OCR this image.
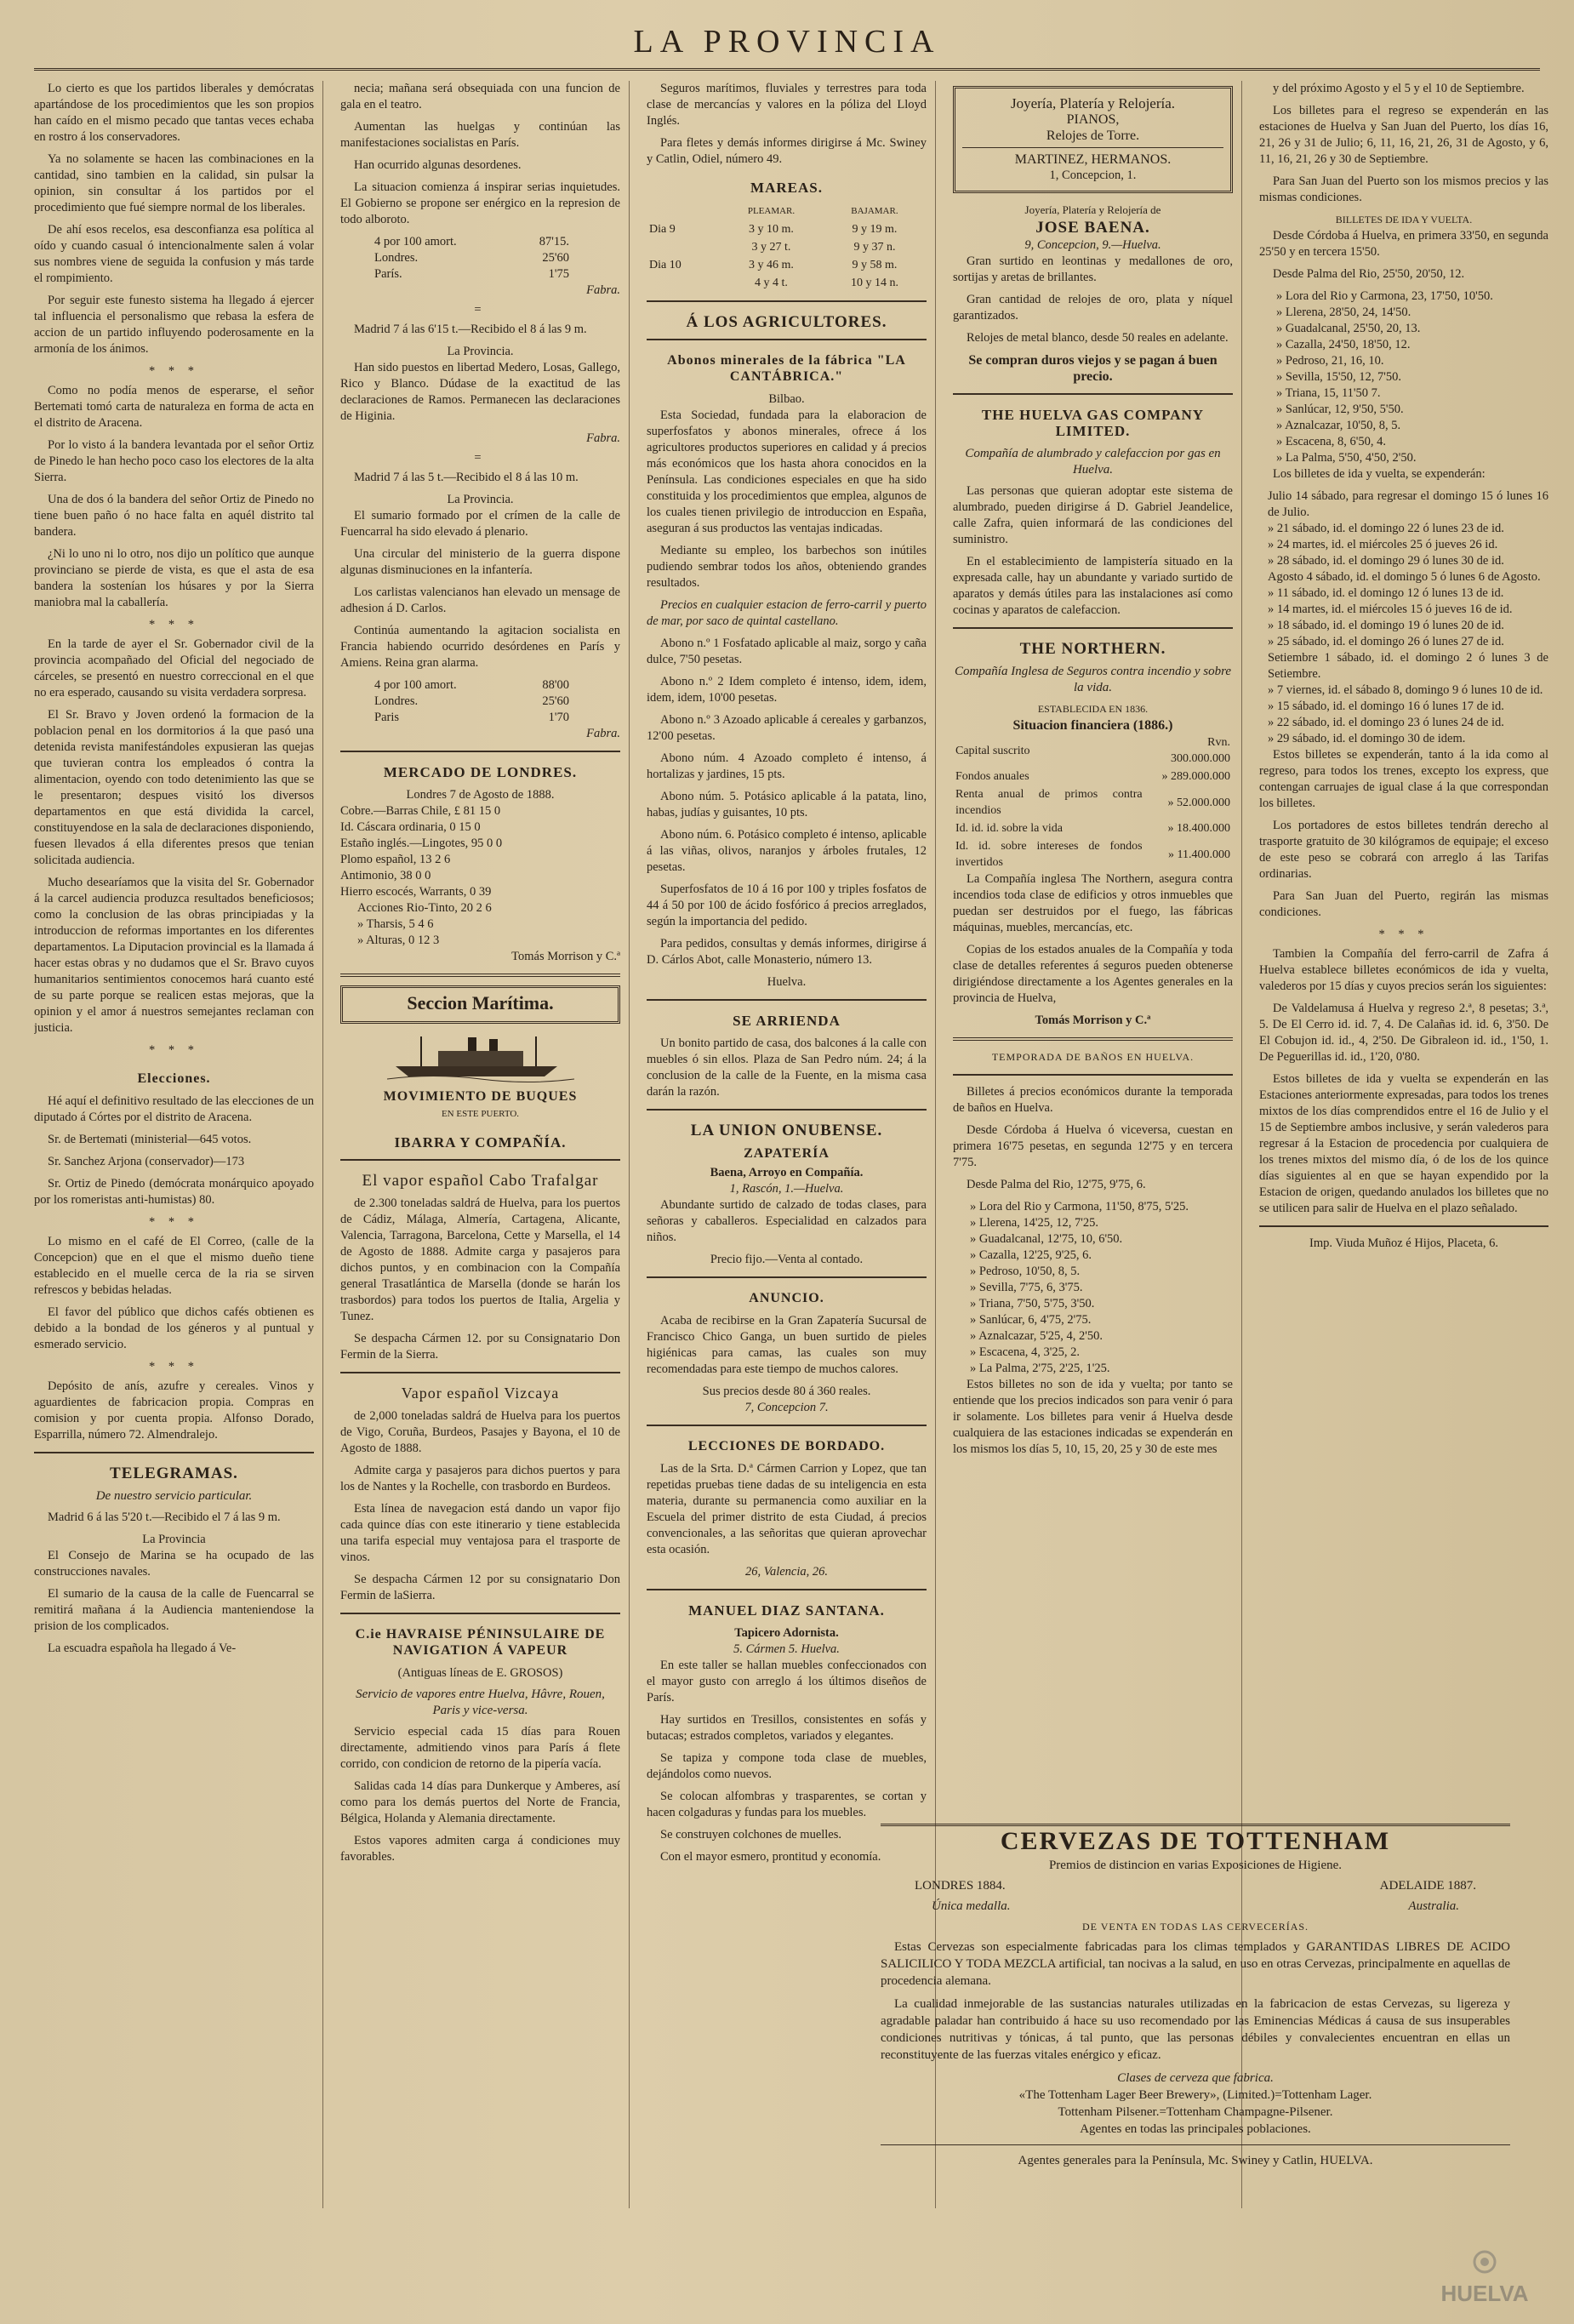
LA PROVINCIA

Lo cierto es que los partidos liberales y demócratas apartándose de los procedimientos que les son propios han caído en el mismo pecado que tantas veces echaba en rostro á los conservadores.

Ya no solamente se hacen las combinaciones en la cantidad, sino tambien en la calidad, sin pulsar la opinion, sin consultar á los partidos por el procedimiento que fué siempre normal de los liberales.

De ahí esos recelos, esa desconfianza esa política al oído y cuando casual ó intencionalmente salen á volar sus nombres viene de seguida la confusion y más tarde el rompimiento.

Por seguir este funesto sistema ha llegado á ejercer tal influencia el personalismo que rebasa la esfera de accion de un partido influyendo poderosamente en la armonía de los ánimos.

* * *

Como no podía menos de esperarse, el señor Bertemati tomó carta de naturaleza en forma de acta en el distrito de Aracena.

Por lo visto á la bandera levantada por el señor Ortiz de Pinedo le han hecho poco caso los electores de la alta Sierra.

Una de dos ó la bandera del señor Ortiz de Pinedo no tiene buen paño ó no hace falta en aquél distrito tal bandera.

¿Ni lo uno ni lo otro, nos dijo un político que aunque provinciano se pierde de vista, es que el asta de esa bandera la sostenían los húsares y por la Sierra maniobra mal la caballería.

* * *

En la tarde de ayer el Sr. Gobernador civil de la provincia acompañado del Oficial del negociado de cárceles, se presentó en nuestro correccional en el que no era esperado, causando su visita verdadera sorpresa.

El Sr. Bravo y Joven ordenó la formacion de la poblacion penal en los dormitorios á la que pasó una detenida revista manifestándoles expusieran las quejas que tuvieran contra los empleados ó contra la alimentacion, oyendo con todo detenimiento las que se le presentaron; despues visitó los diversos departamentos en que está dividida la carcel, constituyendose en la sala de declaraciones disponiendo, fuesen llevados á ella diferentes presos que tenian solicitada audiencia.

Mucho desearíamos que la visita del Sr. Gobernador á la carcel audiencia produzca resultados beneficiosos; como la conclusion de las obras principiadas y la introduccion de reformas importantes en los diferentes departamentos. La Diputacion provincial es la llamada á hacer estas obras y no dudamos que el Sr. Bravo cuyos humanitarios sentimientos conocemos hará cuanto esté de su parte porque se realicen estas mejoras, que la opinion y el amor á nuestros semejantes reclaman con justicia.

* * *
Elecciones.

Hé aquí el definitivo resultado de las elecciones de un diputado á Córtes por el distrito de Aracena.

Sr. de Bertemati (ministerial—645 votos.

Sr. Sanchez Arjona (conservador)—173

Sr. Ortiz de Pinedo (demócrata monárquico apoyado por los romeristas anti-humistas) 80.

* * *

Lo mismo en el café de El Correo, (calle de la Concepcion) que en el que el mismo dueño tiene establecido en el muelle cerca de la ria se sirven refrescos y bebidas heladas.

El favor del público que dichos cafés obtienen es debido a la bondad de los géneros y al puntual y esmerado servicio.

* * *

Depósito de anís, azufre y cereales. Vinos y aguardientes de fabricacion propia. Compras en comision y por cuenta propia. Alfonso Dorado, Esparrilla, número 72. Almendralejo.

TELEGRAMAS.
De nuestro servicio particular.

Madrid 6 á las 5'20 t.—Recibido el 7 á las 9 m.

La Provincia

El Consejo de Marina se ha ocupado de las construcciones navales.

El sumario de la causa de la calle de Fuencarral se remitirá mañana á la Audiencia manteniendose la prision de los complicados.

La escuadra española ha llegado á Ve-

necia; mañana será obsequiada con una funcion de gala en el teatro.

Aumentan las huelgas y continúan las manifestaciones socialistas en París.

Han ocurrido algunas desordenes.

La situacion comienza á inspirar serias inquietudes. El Gobierno se propone ser enérgico en la represion de todo alboroto.

4 por 100 amort.	87'15.
Londres.	25'60
París.	1'75
Fabra.
=

Madrid 7 á las 6'15 t.—Recibido el 8 á las 9 m.

La Provincia.

Han sido puestos en libertad Medero, Losas, Gallego, Rico y Blanco. Dúdase de la exactitud de las declaraciones de Ramos. Permanecen las declaraciones de Higinia.

Fabra.
=

Madrid 7 á las 5 t.—Recibido el 8 á las 10 m.

La Provincia.

El sumario formado por el crímen de la calle de Fuencarral ha sido elevado á plenario.

Una circular del ministerio de la guerra dispone algunas disminuciones en la infantería.

Los carlistas valencianos han elevado un mensage de adhesion á D. Carlos.

Continúa aumentando la agitacion socialista en Francia habiendo ocurrido desórdenes en París y Amiens. Reina gran alarma.

4 por 100 amort.	88'00
Londres.	25'60
Paris	1'70
Fabra.
MERCADO DE LONDRES.
Londres 7 de Agosto de 1888.
Cobre.—Barras Chile, £ 81 15 0
Id. Cáscara ordinaria, 0 15 0
Estaño inglés.—Lingotes, 95 0 0
Plomo español, 13 2 6
Antimonio, 38 0 0
Hierro escocés, Warrants, 0 39
Acciones Rio-Tinto, 20 2 6
» Tharsis, 5 4 6
» Alturas, 0 12 3
Tomás Morrison y C.ª
Seccion Marítima.
MOVIMIENTO DE BUQUES
EN ESTE PUERTO.
IBARRA Y COMPAÑÍA.
El vapor español Cabo Trafalgar

de 2.300 toneladas saldrá de Huelva, para los puertos de Cádiz, Málaga, Almería, Cartagena, Alicante, Valencia, Tarragona, Barcelona, Cette y Marsella, el 14 de Agosto de 1888. Admite carga y pasajeros para dichos puntos, y en combinacion con la Compañía general Trasatlántica de Marsella (donde se harán los trasbordos) para todos los puertos de Italia, Argelia y Tunez.

Se despacha Cármen 12. por su Consignatario Don Fermin de la Sierra.

Vapor español Vizcaya

de 2,000 toneladas saldrá de Huelva para los puertos de Vigo, Coruña, Burdeos, Pasajes y Bayona, el 10 de Agosto de 1888.

Admite carga y pasajeros para dichos puertos y para los de Nantes y la Rochelle, con trasbordo en Burdeos.

Esta línea de navegacion está dando un vapor fijo cada quince días con este itinerario y tiene establecida una tarifa especial muy ventajosa para el trasporte de vinos.

Se despacha Cármen 12 por su consignatario Don Fermin de laSierra.

C.ie HAVRAISE PÉNINSULAIRE DE NAVIGATION Á VAPEUR
(Antiguas líneas de E. GROSOS)
Servicio de vapores entre Huelva, Hâvre, Rouen, Paris y vice-versa.

Servicio especial cada 15 días para Rouen directamente, admitiendo vinos para París á flete corrido, con condicion de retorno de la pipería vacía.

Salidas cada 14 días para Dunkerque y Amberes, así como para los demás puertos del Norte de Francia, Bélgica, Holanda y Alemania directamente.

Estos vapores admiten carga á condiciones muy favorables.

Seguros marítimos, fluviales y terrestres para toda clase de mercancías y valores en la póliza del Lloyd Inglés.

Para fletes y demás informes dirigirse á Mc. Swiney y Catlin, Odiel, número 49.

MAREAS.
	PLEAMAR.	BAJAMAR.
Dia 9	3 y 10 m.	9 y 19 m.
	3 y 27 t.	9 y 37 n.
Dia 10	3 y 46 m.	9 y 58 m.
	4 y 4 t.	10 y 14 n.
Á LOS AGRICULTORES.
Abonos minerales de la fábrica "LA CANTÁBRICA."
Bilbao.

Esta Sociedad, fundada para la elaboracion de superfosfatos y abonos minerales, ofrece á los agricultores productos superiores en calidad y á precios más económicos que los hasta ahora conocidos en la Península. Las condiciones especiales en que ha sido constituida y los procedimientos que emplea, algunos de los cuales tienen privilegio de introduccion en España, aseguran á sus productos las ventajas indicadas.

Mediante su empleo, los barbechos son inútiles pudiendo sembrar todos los años, obteniendo grandes resultados.

Precios en cualquier estacion de ferro-carril y puerto de mar, por saco de quintal castellano.

Abono n.º 1 Fosfatado aplicable al maiz, sorgo y caña dulce, 7'50 pesetas.

Abono n.º 2 Idem completo é intenso, idem, idem, idem, idem, 10'00 pesetas.

Abono n.º 3 Azoado aplicable á cereales y garbanzos, 12'00 pesetas.

Abono núm. 4 Azoado completo é intenso, á hortalizas y jardines, 15 pts.

Abono núm. 5. Potásico aplicable á la patata, lino, habas, judías y guisantes, 10 pts.

Abono núm. 6. Potásico completo é intenso, aplicable á las viñas, olivos, naranjos y árboles frutales, 12 pesetas.

Superfosfatos de 10 á 16 por 100 y triples fosfatos de 44 á 50 por 100 de ácido fosfórico á precios arreglados, según la importancia del pedido.

Para pedidos, consultas y demás informes, dirigirse á D. Cárlos Abot, calle Monasterio, número 13.

Huelva.
SE ARRIENDA

Un bonito partido de casa, dos balcones á la calle con muebles ó sin ellos. Plaza de San Pedro núm. 24; á la conclusion de la calle de la Fuente, en la misma casa darán la razón.

LA UNION ONUBENSE.
ZAPATERÍA
Baena, Arroyo en Compañía.
1, Rascón, 1.—Huelva.

Abundante surtido de calzado de todas clases, para señoras y caballeros. Especialidad en calzados para niños.

Precio fijo.—Venta al contado.
ANUNCIO.

Acaba de recibirse en la Gran Zapatería Sucursal de Francisco Chico Ganga, un buen surtido de pieles higiénicas para camas, las cuales son muy recomendadas para este tiempo de muchos calores.

Sus precios desde 80 á 360 reales.
7, Concepcion 7.
LECCIONES DE BORDADO.

Las de la Srta. D.ª Cármen Carrion y Lopez, que tan repetidas pruebas tiene dadas de su inteligencia en esta materia, durante su permanencia como auxiliar en la Escuela del primer distrito de esta Ciudad, á precios convencionales, a las señoritas que quieran aprovechar esta ocasión.

26, Valencia, 26.
MANUEL DIAZ SANTANA.
Tapicero Adornista.
5. Cármen 5. Huelva.

En este taller se hallan muebles confeccionados con el mayor gusto con arreglo á los últimos diseños de París.

Hay surtidos en Tresillos, consistentes en sofás y butacas; estrados completos, variados y elegantes.

Se tapiza y compone toda clase de muebles, dejándolos como nuevos.

Se colocan alfombras y trasparentes, se cortan y hacen colgaduras y fundas para los muebles.

Se construyen colchones de muelles.

Con el mayor esmero, prontitud y economía.

Joyería, Platería y Relojería.
PIANOS,
Relojes de Torre.
MARTINEZ, HERMANOS.
1, Concepcion, 1.
Joyería, Platería y Relojería de
JOSE BAENA.
9, Concepcion, 9.—Huelva.

Gran surtido en leontinas y medallones de oro, sortijas y aretas de brillantes.

Gran cantidad de relojes de oro, plata y níquel garantizados.

Relojes de metal blanco, desde 50 reales en adelante.

Se compran duros viejos y se pagan á buen precio.
THE HUELVA GAS COMPANY LIMITED.
Compañía de alumbrado y calefaccion por gas en Huelva.

Las personas que quieran adoptar este sistema de alumbrado, pueden dirigirse á D. Gabriel Jeandelice, calle Zafra, quien informará de las condiciones del suministro.

En el establecimiento de lampistería situado en la expresada calle, hay un abundante y variado surtido de aparatos y demás útiles para las instalaciones así como cocinas y aparatos de calefaccion.

THE NORTHERN.
Compañía Inglesa de Seguros contra incendio y sobre la vida.
ESTABLECIDA EN 1836.
Situacion financiera (1886.)
Capital suscrito	Rvn. 300.000.000
Fondos anuales	» 289.000.000
Renta anual de primos contra incendios	» 52.000.000
Id. id. id. sobre la vida	» 18.400.000
Id. id. sobre intereses de fondos invertidos	» 11.400.000

La Compañía inglesa The Northern, asegura contra incendios toda clase de edificios y otros inmuebles que puedan ser destruidos por el fuego, las fábricas máquinas, muebles, mercancías, etc.

Copias de los estados anuales de la Compañía y toda clase de detalles referentes á seguros pueden obtenerse dirigiéndose directamente a los Agentes generales en la provincia de Huelva,

Tomás Morrison y C.ª
TEMPORADA DE BAÑOS EN HUELVA.

Billetes á precios económicos durante la temporada de baños en Huelva.

Desde Córdoba á Huelva ó viceversa, cuestan en primera 16'75 pesetas, en segunda 12'75 y en tercera 7'75.

Desde Palma del Rio, 12'75, 9'75, 6.

» Lora del Rio y Carmona, 11'50, 8'75, 5'25.
» Llerena, 14'25, 12, 7'25.
» Guadalcanal, 12'75, 10, 6'50.
» Cazalla, 12'25, 9'25, 6.
» Pedroso, 10'50, 8, 5.
» Sevilla, 7'75, 6, 3'75.
» Triana, 7'50, 5'75, 3'50.
» Sanlúcar, 6, 4'75, 2'75.
» Aznalcazar, 5'25, 4, 2'50.
» Escacena, 4, 3'25, 2.
» La Palma, 2'75, 2'25, 1'25.

Estos billetes no son de ida y vuelta; por tanto se entiende que los precios indicados son para venir ó para ir solamente. Los billetes para venir á Huelva desde cualquiera de las estaciones indicadas se expenderán en los mismos los días 5, 10, 15, 20, 25 y 30 de este mes

y del próximo Agosto y el 5 y el 10 de Septiembre.

Los billetes para el regreso se expenderán en las estaciones de Huelva y San Juan del Puerto, los días 16, 21, 26 y 31 de Julio; 6, 11, 16, 21, 26, 31 de Agosto, y 6, 11, 16, 21, 26 y 30 de Septiembre.

Para San Juan del Puerto son los mismos precios y las mismas condiciones.

BILLETES DE IDA Y VUELTA.

Desde Córdoba á Huelva, en primera 33'50, en segunda 25'50 y en tercera 15'50.

Desde Palma del Rio, 25'50, 20'50, 12.

» Lora del Rio y Carmona, 23, 17'50, 10'50.
» Llerena, 28'50, 24, 14'50.
» Guadalcanal, 25'50, 20, 13.
» Cazalla, 24'50, 18'50, 12.
» Pedroso, 21, 16, 10.
» Sevilla, 15'50, 12, 7'50.
» Triana, 15, 11'50 7.
» Sanlúcar, 12, 9'50, 5'50.
» Aznalcazar, 10'50, 8, 5.
» Escacena, 8, 6'50, 4.
» La Palma, 5'50, 4'50, 2'50.

Los billetes de ida y vuelta, se expenderán:

Julio 14 sábado, para regresar el domingo 15 ó lunes 16 de Julio.
» 21 sábado, id. el domingo 22 ó lunes 23 de id.
» 24 martes, id. el miércoles 25 ó jueves 26 id.
» 28 sábado, id. el domingo 29 ó lunes 30 de id.
Agosto 4 sábado, id. el domingo 5 ó lunes 6 de Agosto.
» 11 sábado, id. el domingo 12 ó lunes 13 de id.
» 14 martes, id. el miércoles 15 ó jueves 16 de id.
» 18 sábado, id. el domingo 19 ó lunes 20 de id.
» 25 sábado, id. el domingo 26 ó lunes 27 de id.
Setiembre 1 sábado, id. el domingo 2 ó lunes 3 de Setiembre.
» 7 viernes, id. el sábado 8, domingo 9 ó lunes 10 de id.
» 15 sábado, id. el domingo 16 ó lunes 17 de id.
» 22 sábado, id. el domingo 23 ó lunes 24 de id.
» 29 sábado, id. el domingo 30 de idem.

Estos billetes se expenderán, tanto á la ida como al regreso, para todos los trenes, excepto los express, que contengan carruajes de igual clase á la que correspondan los billetes.

Los portadores de estos billetes tendrán derecho al trasporte gratuito de 30 kilógramos de equipaje; el exceso de este peso se cobrará con arreglo á las Tarifas ordinarias.

Para San Juan del Puerto, regirán las mismas condiciones.

* * *

Tambien la Compañía del ferro-carril de Zafra á Huelva establece billetes económicos de ida y vuelta, valederos por 15 días y cuyos precios serán los siguientes:

De Valdelamusa á Huelva y regreso 2.ª, 8 pesetas; 3.ª, 5. De El Cerro id. id. 7, 4. De Calañas id. id. 6, 3'50. De El Cobujon id. id., 4, 2'50. De Gibraleon id. id., 1'50, 1. De Peguerillas id. id., 1'20, 0'80.

Estos billetes de ida y vuelta se expenderán en las Estaciones anteriormente expresadas, para todos los trenes mixtos de los días comprendidos entre el 16 de Julio y el 15 de Septiembre ambos inclusive, y serán valederos para regresar á la Estacion de procedencia por cualquiera de los trenes mixtos del mismo día, ó de los de los quince días siguientes al en que se hayan expendido por la Estacion de origen, quedando anulados los billetes que no se utilicen para salir de Huelva en el plazo señalado.

Imp. Viuda Muñoz é Hijos, Placeta, 6.
CERVEZAS DE TOTTENHAM
Premios de distincion en varias Exposiciones de Higiene.
LONDRES 1884.	ADELAIDE 1887.
Única medalla.	Australia.
DE VENTA EN TODAS LAS CERVECERÍAS.

Estas Cervezas son especialmente fabricadas para los climas templados y GARANTIDAS LIBRES DE ACIDO SALICILICO Y TODA MEZCLA artificial, tan nocivas a la salud, en uso en otras Cervezas, principalmente en aquellas de procedencia alemana.

La cualidad inmejorable de las sustancias naturales utilizadas en la fabricacion de estas Cervezas, su ligereza y agradable paladar han contribuido á hace su uso recomendado por las Eminencias Médicas á causa de sus insuperables condiciones nutritivas y tónicas, á tal punto, que las personas débiles y convalecientes encuentran en ellas un reconstituyente de las fuerzas vitales enérgico y eficaz.

Clases de cerveza que fabrica.
«The Tottenham Lager Beer Brewery», (Limited.)=Tottenham Lager.
Tottenham Pilsener.=Tottenham Champagne-Pilsener.
Agentes en todas las principales poblaciones.
Agentes generales para la Península, Mc. Swiney y Catlin, HUELVA.
HUELVA
